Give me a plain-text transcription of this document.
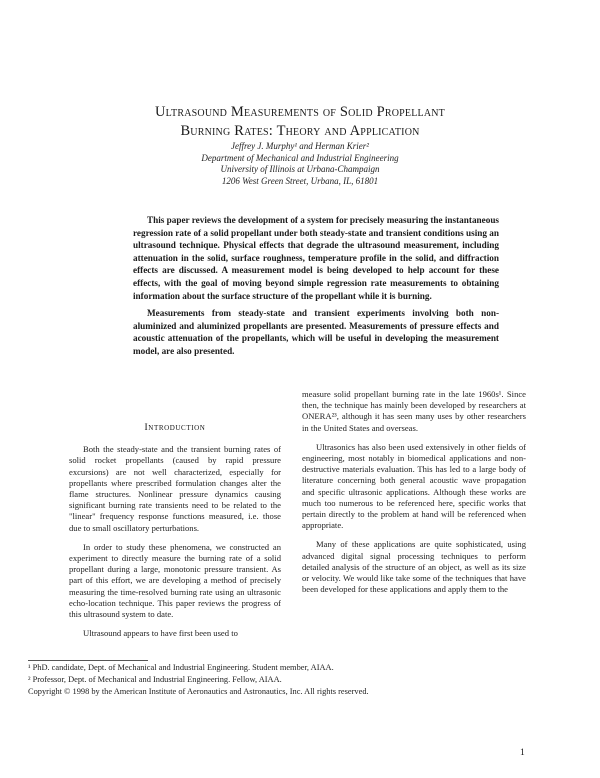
Ultrasound Measurements of Solid Propellant
Burning Rates: Theory and Application
Jeffrey J. Murphy¹ and Herman Krier²
Department of Mechanical and Industrial Engineering
University of Illinois at Urbana-Champaign
1206 West Green Street, Urbana, IL, 61801

This paper reviews the development of a system for precisely measuring the instantaneous regression rate of a solid propellant under both steady-state and transient conditions using an ultrasound technique. Physical effects that degrade the ultrasound measurement, including attenuation in the solid, surface roughness, temperature profile in the solid, and diffraction effects are discussed. A measurement model is being developed to help account for these effects, with the goal of moving beyond simple regression rate measurements to obtaining information about the surface structure of the propellant while it is burning.

Measurements from steady-state and transient experiments involving both non-aluminized and aluminized propellants are presented. Measurements of pressure effects and acoustic attenuation of the propellants, which will be useful in developing the measurement model, are also presented.

Introduction

Both the steady-state and the transient burning rates of solid rocket propellants (caused by rapid pressure excursions) are not well characterized, especially for propellants where prescribed formulation changes alter the flame structures. Nonlinear pressure dynamics causing significant burning rate transients need to be related to the "linear" frequency response functions measured, i.e. those due to small oscillatory perturbations.

In order to study these phenomena, we constructed an experiment to directly measure the burning rate of a solid propellant during a large, monotonic pressure transient. As part of this effort, we are developing a method of precisely measuring the time-resolved burning rate using an ultrasonic echo-location technique. This paper reviews the progress of this ultrasound system to date.

Ultrasound appears to have first been used to

measure solid propellant burning rate in the late 1960s¹. Since then, the technique has mainly been developed by researchers at ONERA²³, although it has seen many uses by other researchers in the United States and overseas.

Ultrasonics has also been used extensively in other fields of engineering, most notably in biomedical applications and non-destructive materials evaluation. This has led to a large body of literature concerning both general acoustic wave propagation and specific ultrasonic applications. Although these works are much too numerous to be referenced here, specific works that pertain directly to the problem at hand will be referenced when appropriate.

Many of these applications are quite sophisticated, using advanced digital signal processing techniques to perform detailed analysis of the structure of an object, as well as its size or velocity. We would like take some of the techniques that have been developed for these applications and apply them to the

¹ PhD. candidate, Dept. of Mechanical and Industrial Engineering. Student member, AIAA.
² Professor, Dept. of Mechanical and Industrial Engineering. Fellow, AIAA.
Copyright © 1998 by the American Institute of Aeronautics and Astronautics, Inc. All rights reserved.
1
